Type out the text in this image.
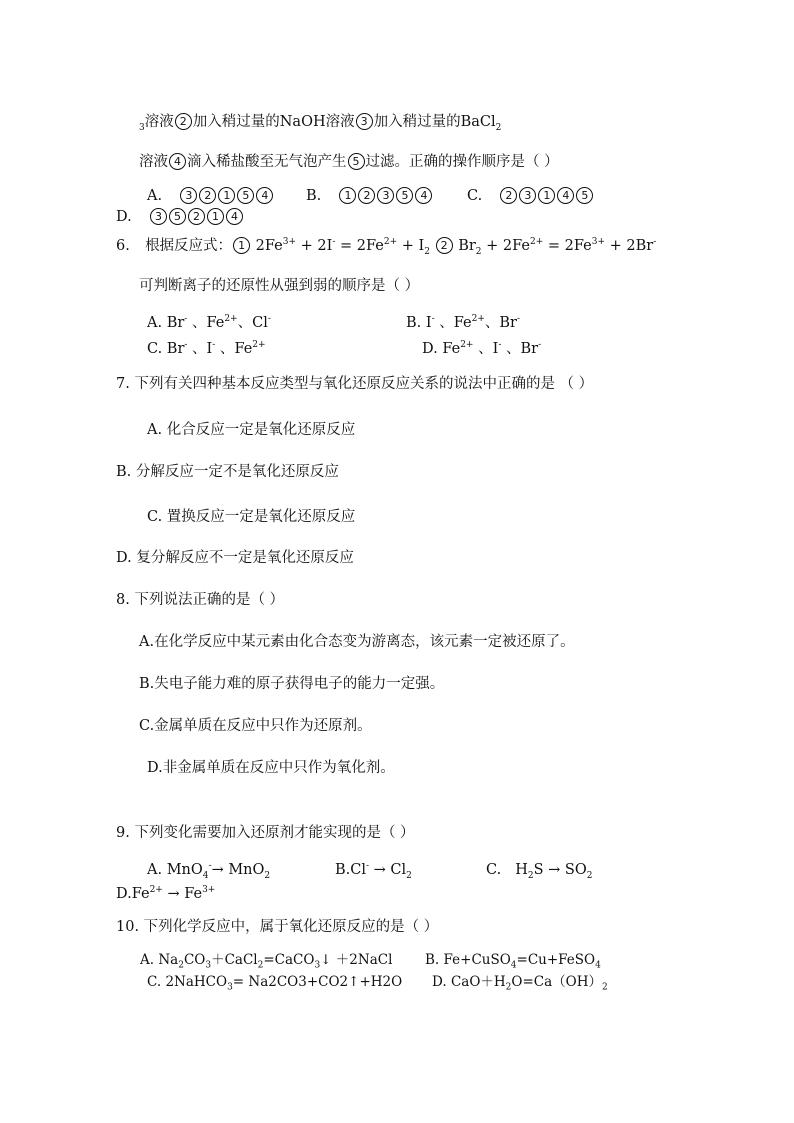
$_3$溶液 2 加入稍过量的NaOH溶液 3 加入稍过量的BaCl$_2$
溶液 4 滴入稀盐酸至无气泡产生 5 过滤。正确的操作顺序是（ ）
A. 3 2 1 5 4	B. 1 2 3 5 4	C. 2 3 1 4 5
D. 3 5 2 1 4
6. 根据反应式： 1 $2Fe^{3+} + 2I^- = 2Fe^{2+} + I_2$ 2 $Br_2 + 2Fe^{2+} = 2Fe^{3+} + 2Br^-$
可判断离子的还原性从强到弱的顺序是（ ）
A. Br- 、$Fe^{2+}$、Cl-	B. I- 、$Fe^{2+}$、Br-
C. Br- 、I- 、$Fe^{2+}$	D. $Fe^{2+}$ 、I- 、Br-
7. 下列有关四种基本反应类型与氧化还原反应关系的说法中正确的是 （ ）
A. 化合反应一定是氧化还原反应
B. 分解反应一定不是氧化还原反应
C. 置换反应一定是氧化还原反应
D. 复分解反应不一定是氧化还原反应
8. 下列说法正确的是（ ）
A.在化学反应中某元素由化合态变为游离态，该元素一定被还原了。
B.失电子能力难的原子获得电子的能力一定强。
C.金属单质在反应中只作为还原剂。
D.非金属单质在反应中只作为氧化剂。
9. 下列变化需要加入还原剂才能实现的是（ ）
A. MnO$_4$-→ MnO$_2$	$B.Cl^- \to Cl_2$	C. $H_2S \to SO_2$
$D.Fe^{2+} \to Fe^{3+}$
10. 下列化学反应中，属于氧化还原反应的是（ ）
A. $Na_2CO_3+CaCl_2=CaCO_3↓$ ＋2NaCl B. Fe+CuSO$_4$=Cu+FeSO$_4$
C. 2NaHCO$_3$= Na2CO3+CO2↑+H2O D. $CaO+H_2O=Ca(OH)_2$
